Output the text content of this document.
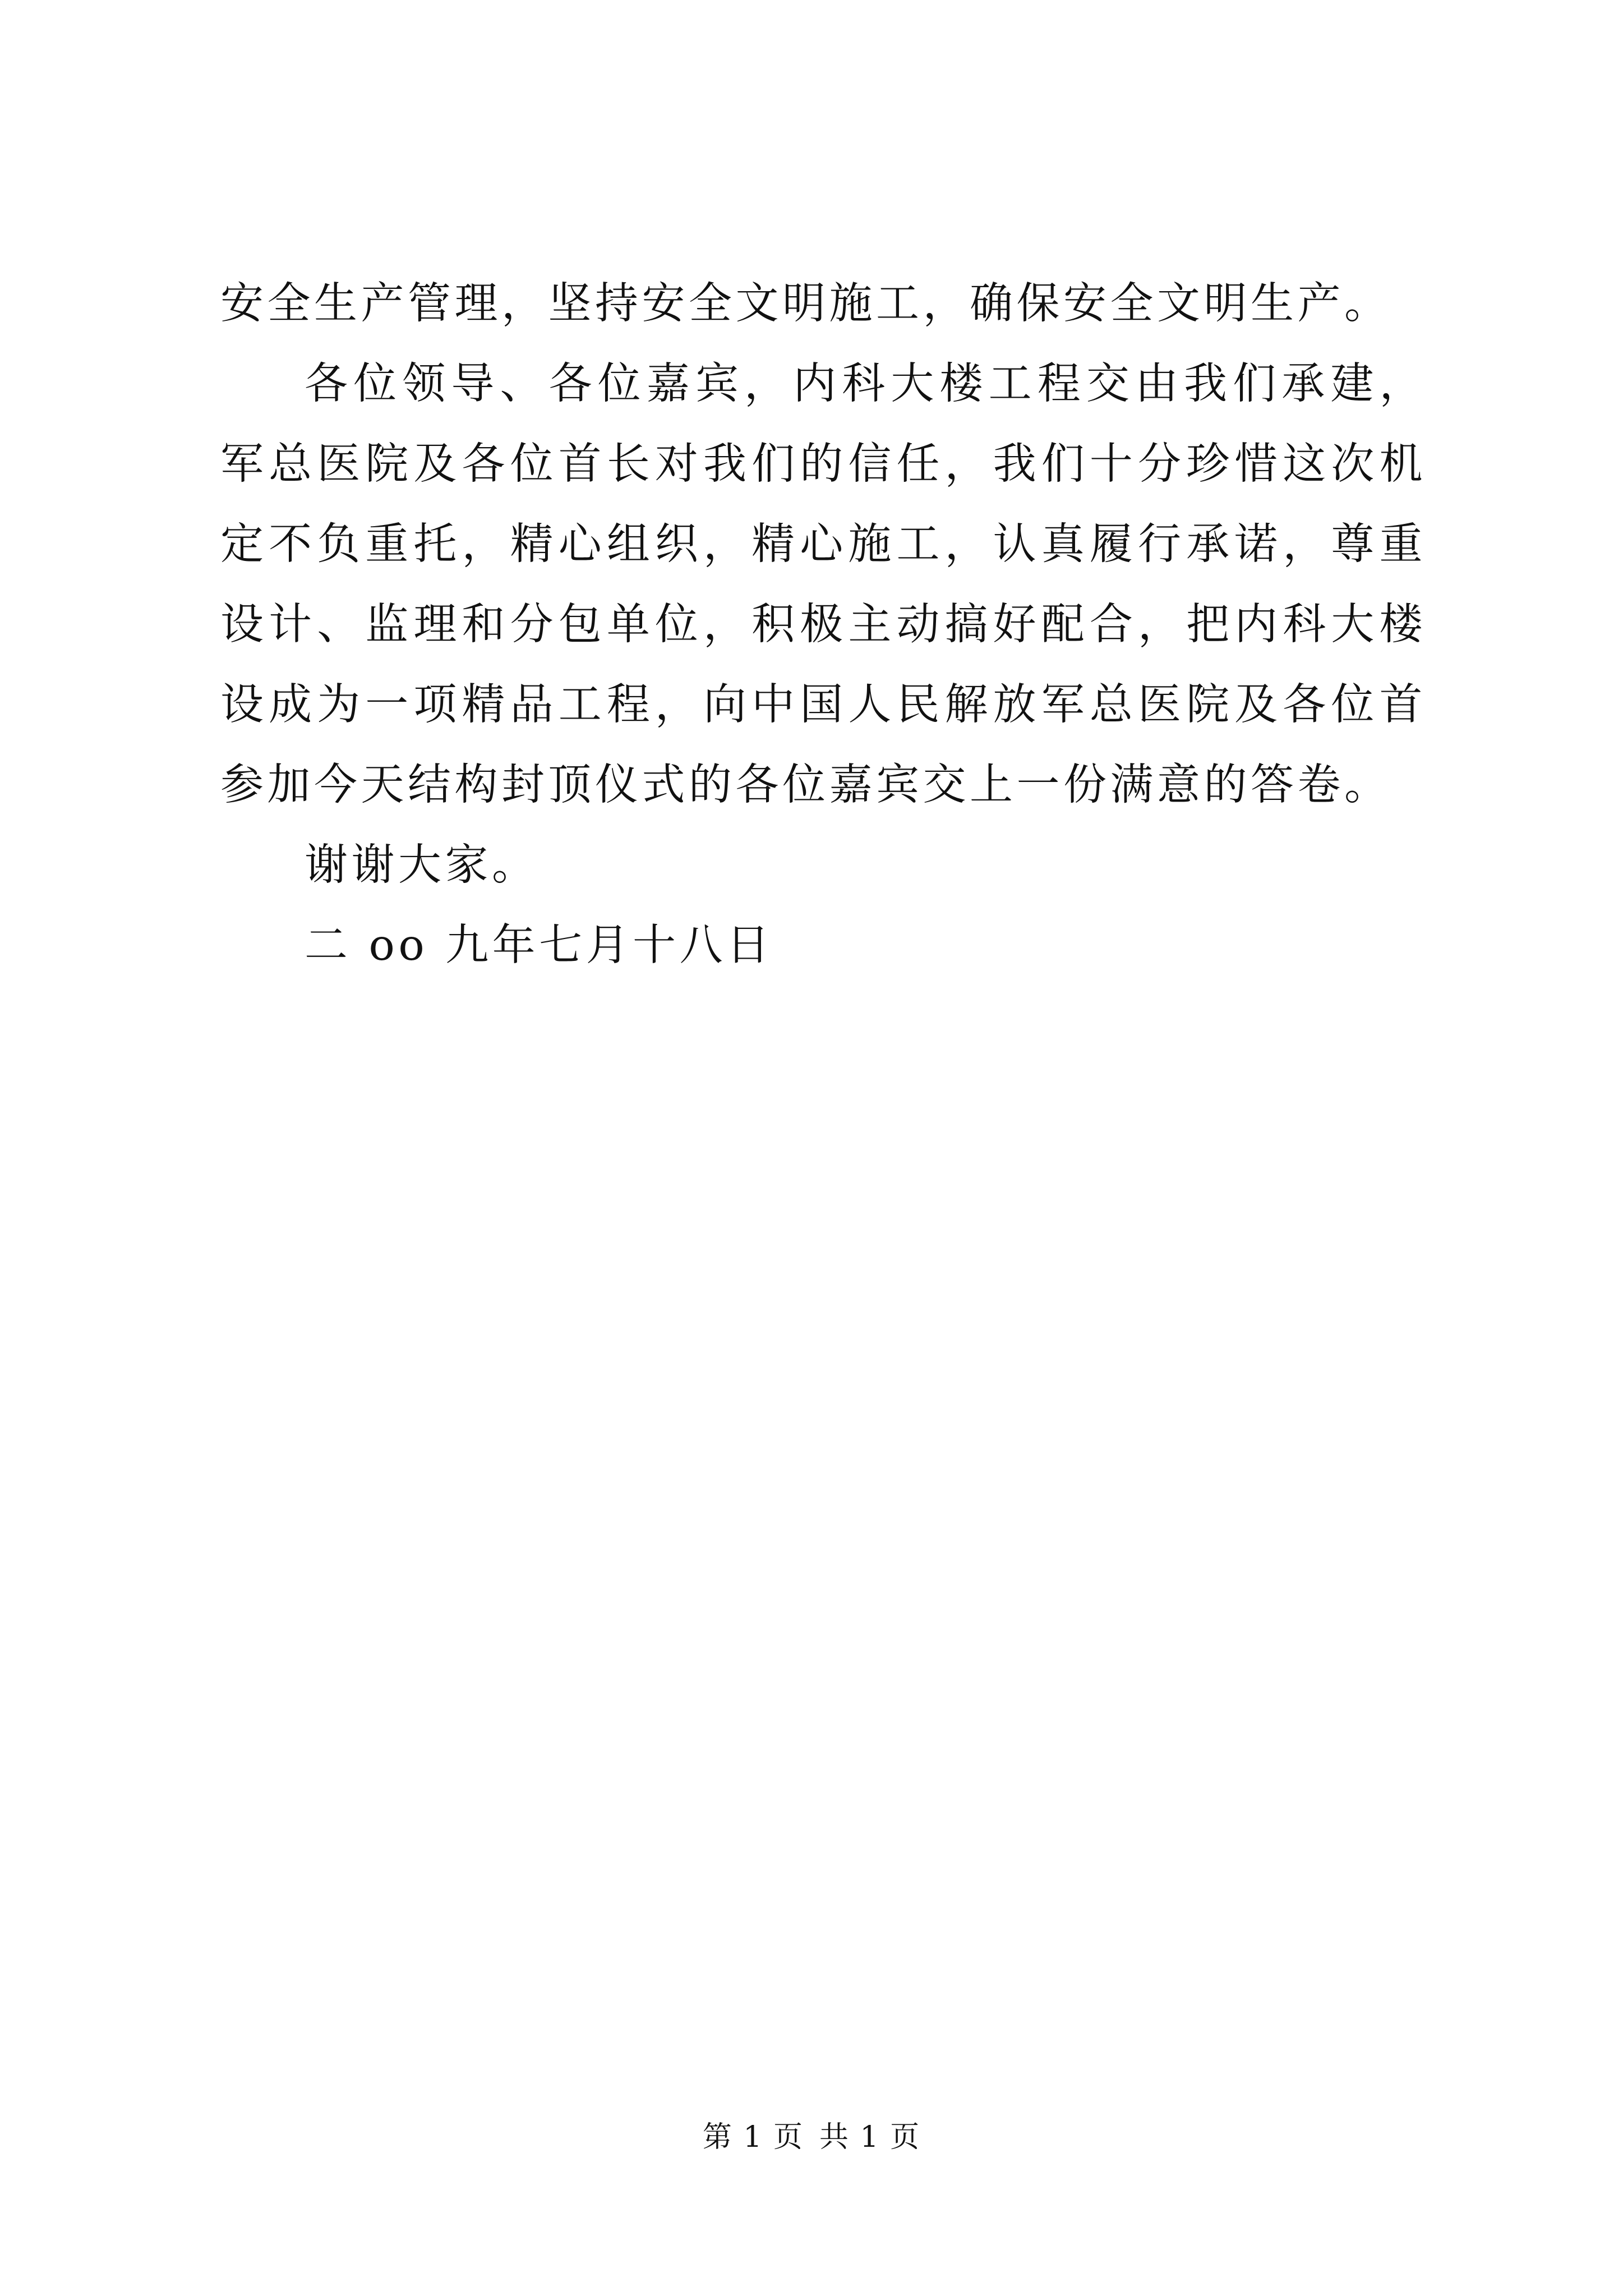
安全生产管理，坚持安全文明施工，确保安全文明生产。
各位领导、各位嘉宾，内科大楼工程交由我们承建，
军总医院及各位首长对我们的信任，我们十分珍惜这次机
定不负重托，精心组织，精心施工，认真履行承诺，尊重
设计、监理和分包单位，积极主动搞好配合，把内科大楼
设成为一项精品工程，向中国人民解放军总医院及各位首
参加今天结构封顶仪式的各位嘉宾交上一份满意的答卷。
谢谢大家。
二 oo 九年七月十八日
第 1 页 共 1 页
